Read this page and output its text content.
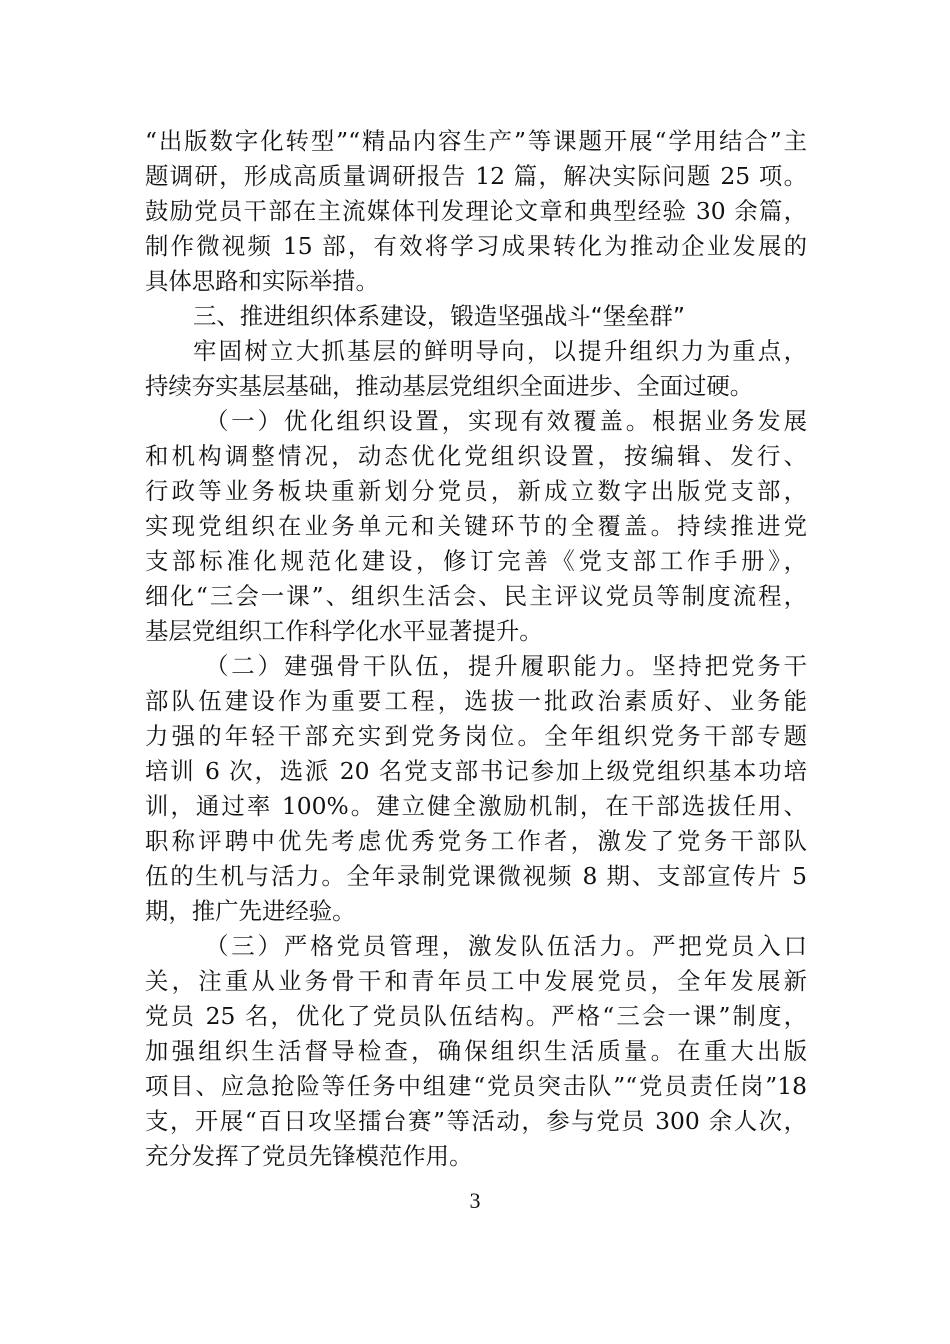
“出版数字化转型”“精品内容生产”等课题开展“学用结合”主
题调研，形成高质量调研报告 12 篇，解决实际问题 25 项。
鼓励党员干部在主流媒体刊发理论文章和典型经验 30 余篇，
制作微视频 15 部，有效将学习成果转化为推动企业发展的
具体思路和实际举措。
三、推进组织体系建设，锻造坚强战斗“堡垒群”
牢固树立大抓基层的鲜明导向，以提升组织力为重点，
持续夯实基层基础，推动基层党组织全面进步、全面过硬。
（一）优化组织设置，实现有效覆盖。根据业务发展
和机构调整情况，动态优化党组织设置，按编辑、发行、
行政等业务板块重新划分党员，新成立数字出版党支部，
实现党组织在业务单元和关键环节的全覆盖。持续推进党
支部标准化规范化建设，修订完善《党支部工作手册》，
细化“三会一课”、组织生活会、民主评议党员等制度流程，
基层党组织工作科学化水平显著提升。
（二）建强骨干队伍，提升履职能力。坚持把党务干
部队伍建设作为重要工程，选拔一批政治素质好、业务能
力强的年轻干部充实到党务岗位。全年组织党务干部专题
培训 6 次，选派 20 名党支部书记参加上级党组织基本功培
训，通过率 100%。建立健全激励机制，在干部选拔任用、
职称评聘中优先考虑优秀党务工作者，激发了党务干部队
伍的生机与活力。全年录制党课微视频 8 期、支部宣传片 5
期，推广先进经验。
（三）严格党员管理，激发队伍活力。严把党员入口
关，注重从业务骨干和青年员工中发展党员，全年发展新
党员 25 名，优化了党员队伍结构。严格“三会一课”制度，
加强组织生活督导检查，确保组织生活质量。在重大出版
项目、应急抢险等任务中组建“党员突击队”“党员责任岗”18
支，开展“百日攻坚擂台赛”等活动，参与党员 300 余人次，
充分发挥了党员先锋模范作用。
3
